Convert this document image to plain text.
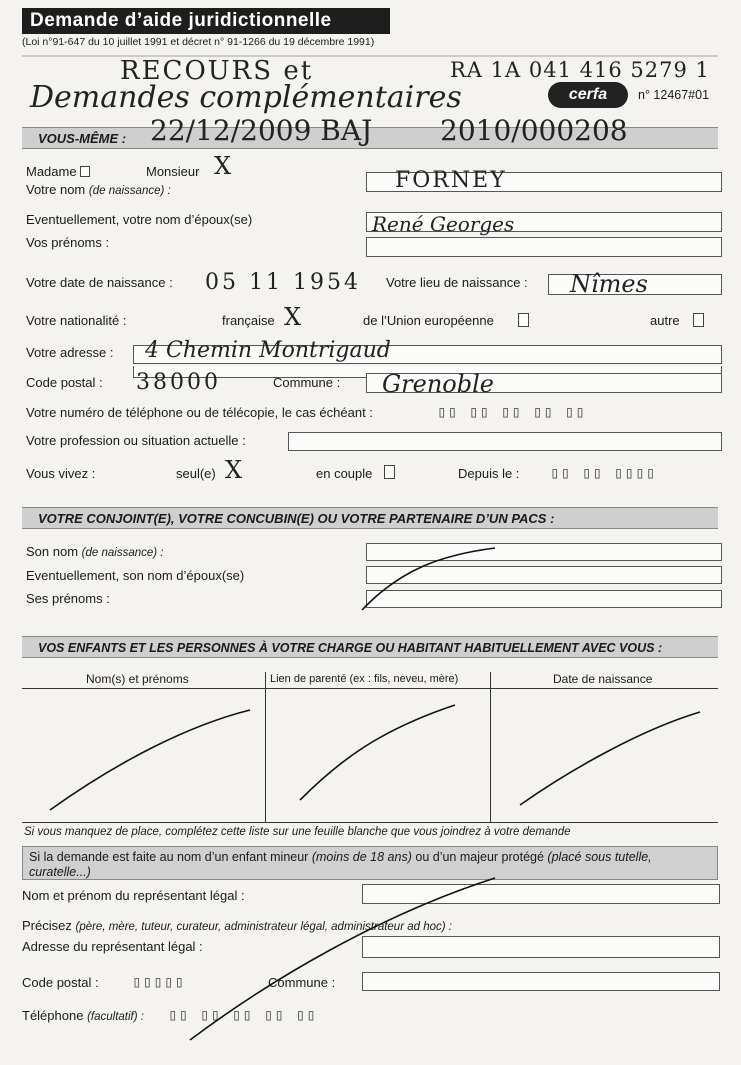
Demande d’aide juridictionnelle
(Loi n°91-647 du 10 juillet 1991 et décret n° 91-1266 du 19 décembre 1991)
cerfa	n° 12467#01
RECOURS et
Demandes complémentaires
RA 1A 041 416 5279 1
VOUS-MÊME : 22/12/2009 BAJ 2010/000208
Madame	Monsieur X
Votre nom (de naissance) :	FORNEY
Eventuellement, votre nom d’époux(se)	René Georges
Vos prénoms :
Votre date de naissance : 05 11 1954 Votre lieu de naissance : Nîmes
Votre nationalité :	française X	de l’Union européenne	autre
Votre adresse : 4 Chemin Montrigaud
Code postal : 38000	Commune : Grenoble
Votre numéro de téléphone ou de télécopie, le cas échéant :	▯▯ ▯▯ ▯▯ ▯▯ ▯▯
Votre profession ou situation actuelle :
Vous vivez :	seul(e) X	en couple	Depuis le : ▯▯ ▯▯ ▯▯▯▯
VOTRE CONJOINT(E), VOTRE CONCUBIN(E) OU VOTRE PARTENAIRE D’UN PACS :
Son nom (de naissance) :
Eventuellement, son nom d’époux(se)
Ses prénoms :
VOS ENFANTS ET LES PERSONNES À VOTRE CHARGE OU HABITANT HABITUELLEMENT AVEC VOUS :
Nom(s) et prénoms	Lien de parenté (ex : fils, neveu, mère)	Date de naissance
Si vous manquez de place, complétez cette liste sur une feuille blanche que vous joindrez à votre demande
Si la demande est faite au nom d’un enfant mineur (moins de 18 ans) ou d’un majeur protégé (placé sous tutelle, curatelle...)
Nom et prénom du représentant légal :
Précisez (père, mère, tuteur, curateur, administrateur légal, administrateur ad hoc) :
Adresse du représentant légal :
Code postal : ▯▯▯▯▯	Commune :
Téléphone (facultatif) : ▯▯ ▯▯ ▯▯ ▯▯ ▯▯
